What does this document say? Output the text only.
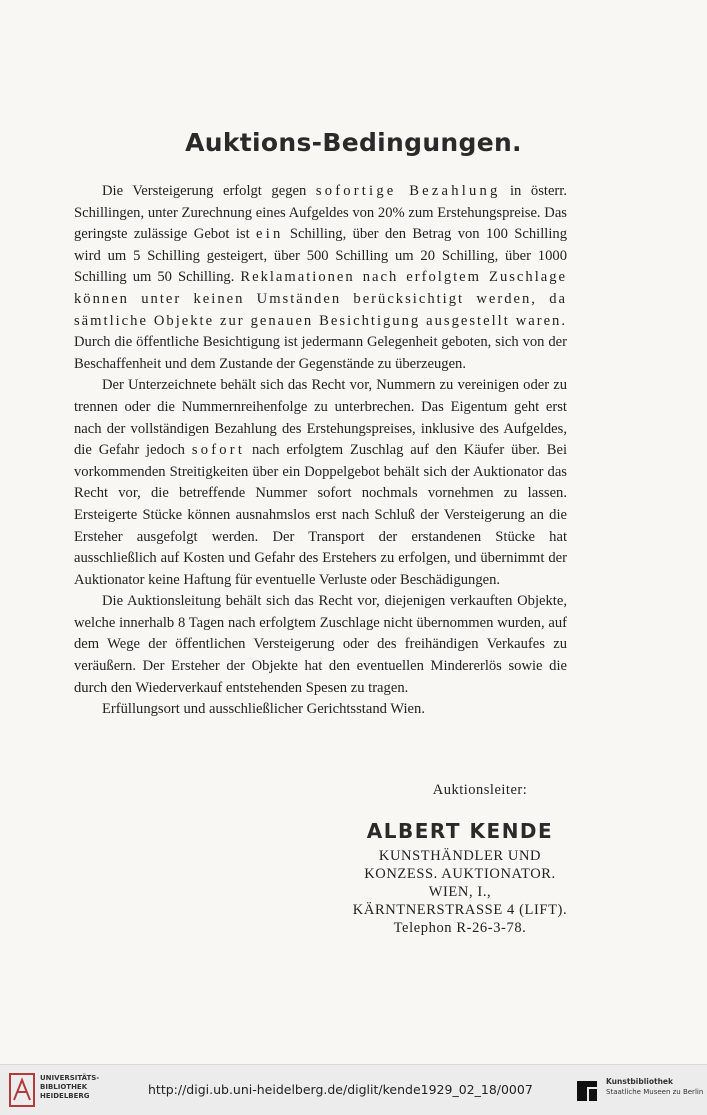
Auktions-Bedingungen.

Die Versteigerung erfolgt gegen sofortige Bezahlung in österr. Schillingen, unter Zurechnung eines Aufgeldes von 20% zum Erstehungspreise. Das geringste zulässige Gebot ist ein Schilling, über den Betrag von 100 Schilling wird um 5 Schilling gesteigert, über 500 Schilling um 20 Schilling, über 1000 Schilling um 50 Schilling. Reklamationen nach erfolgtem Zuschlage können unter keinen Umständen berücksichtigt werden, da sämtliche Objekte zur genauen Besichtigung ausgestellt waren. Durch die öffentliche Besichtigung ist jedermann Gelegenheit geboten, sich von der Beschaffenheit und dem Zustande der Gegenstände zu überzeugen.

Der Unterzeichnete behält sich das Recht vor, Nummern zu vereinigen oder zu trennen oder die Nummernreihenfolge zu unterbrechen. Das Eigentum geht erst nach der vollständigen Bezahlung des Erstehungspreises, inklusive des Aufgeldes, die Gefahr jedoch sofort nach erfolgtem Zuschlag auf den Käufer über. Bei vorkommenden Streitigkeiten über ein Doppelgebot behält sich der Auktionator das Recht vor, die betreffende Nummer sofort nochmals vornehmen zu lassen. Ersteigerte Stücke können ausnahmslos erst nach Schluß der Versteigerung an die Ersteher ausgefolgt werden. Der Transport der erstandenen Stücke hat ausschließlich auf Kosten und Gefahr des Erstehers zu erfolgen, und übernimmt der Auktionator keine Haftung für eventuelle Verluste oder Beschädigungen.

Die Auktionsleitung behält sich das Recht vor, diejenigen verkauften Objekte, welche innerhalb 8 Tagen nach erfolgtem Zuschlage nicht übernommen wurden, auf dem Wege der öffentlichen Versteigerung oder des freihändigen Verkaufes zu veräußern. Der Ersteher der Objekte hat den eventuellen Mindererlös sowie die durch den Wiederverkauf entstehenden Spesen zu tragen.

Erfüllungsort und ausschließlicher Gerichtsstand Wien.

Auktionsleiter:
ALBERT KENDE
KUNSTHÄNDLER UND
KONZESS. AUKTIONATOR.
WIEN, I.,
KÄRNTNERSTRASSE 4 (LIFT).
Telephon R-26-3-78.
UNIVERSITÄTS-
BIBLIOTHEK
HEIDELBERG	http://digi.ub.uni-heidelberg.de/diglit/kende1929_02_18/0007
Kunstbibliothek
Staatliche Museen zu Berlin
